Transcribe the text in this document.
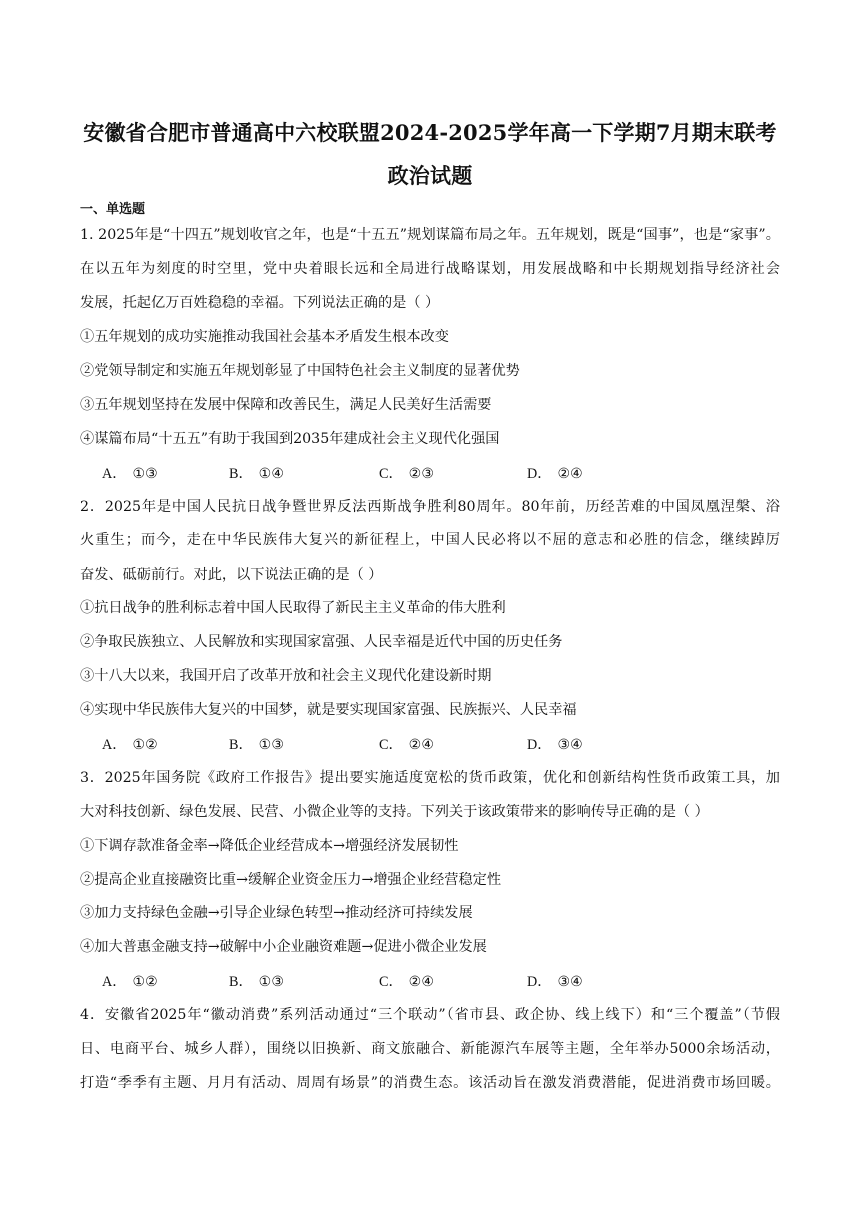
安徽省合肥市普通高中六校联盟2024-2025学年高一下学期7月期末联考
政治试题
一、单选题
1. 2025年是“十四五”规划收官之年，也是“十五五”规划谋篇布局之年。五年规划，既是“国事”，也是“家事”。
在以五年为刻度的时空里，党中央着眼长远和全局进行战略谋划，用发展战略和中长期规划指导经济社会
发展，托起亿万百姓稳稳的幸福。下列说法正确的是（ ）
①五年规划的成功实施推动我国社会基本矛盾发生根本改变
②党领导制定和实施五年规划彰显了中国特色社会主义制度的显著优势
③五年规划坚持在发展中保障和改善民生，满足人民美好生活需要
④谋篇布局“十五五”有助于我国到2035年建成社会主义现代化强国
A． ①③	B． ①④	C． ②③	D． ②④
2．2025年是中国人民抗日战争暨世界反法西斯战争胜利80周年。80年前，历经苦难的中国凤凰涅槃、浴
火重生；而今，走在中华民族伟大复兴的新征程上，中国人民必将以不屈的意志和必胜的信念，继续踔厉
奋发、砥砺前行。对此，以下说法正确的是（ ）
①抗日战争的胜利标志着中国人民取得了新民主主义革命的伟大胜利
②争取民族独立、人民解放和实现国家富强、人民幸福是近代中国的历史任务
③十八大以来，我国开启了改革开放和社会主义现代化建设新时期
④实现中华民族伟大复兴的中国梦，就是要实现国家富强、民族振兴、人民幸福
A． ①②	B． ①③	C． ②④	D． ③④
3．2025年国务院《政府工作报告》提出要实施适度宽松的货币政策，优化和创新结构性货币政策工具，加
大对科技创新、绿色发展、民营、小微企业等的支持。下列关于该政策带来的影响传导正确的是（ ）
①下调存款准备金率→降低企业经营成本→增强经济发展韧性
②提高企业直接融资比重→缓解企业资金压力→增强企业经营稳定性
③加力支持绿色金融→引导企业绿色转型→推动经济可持续发展
④加大普惠金融支持→破解中小企业融资难题→促进小微企业发展
A． ①②	B． ①③	C． ②④	D． ③④
4．安徽省2025年“徽动消费”系列活动通过“三个联动”（省市县、政企协、线上线下）和“三个覆盖”（节假
日、电商平台、城乡人群），围绕以旧换新、商文旅融合、新能源汽车展等主题，全年举办5000余场活动，
打造“季季有主题、月月有活动、周周有场景”的消费生态。该活动旨在激发消费潜能，促进消费市场回暖。
